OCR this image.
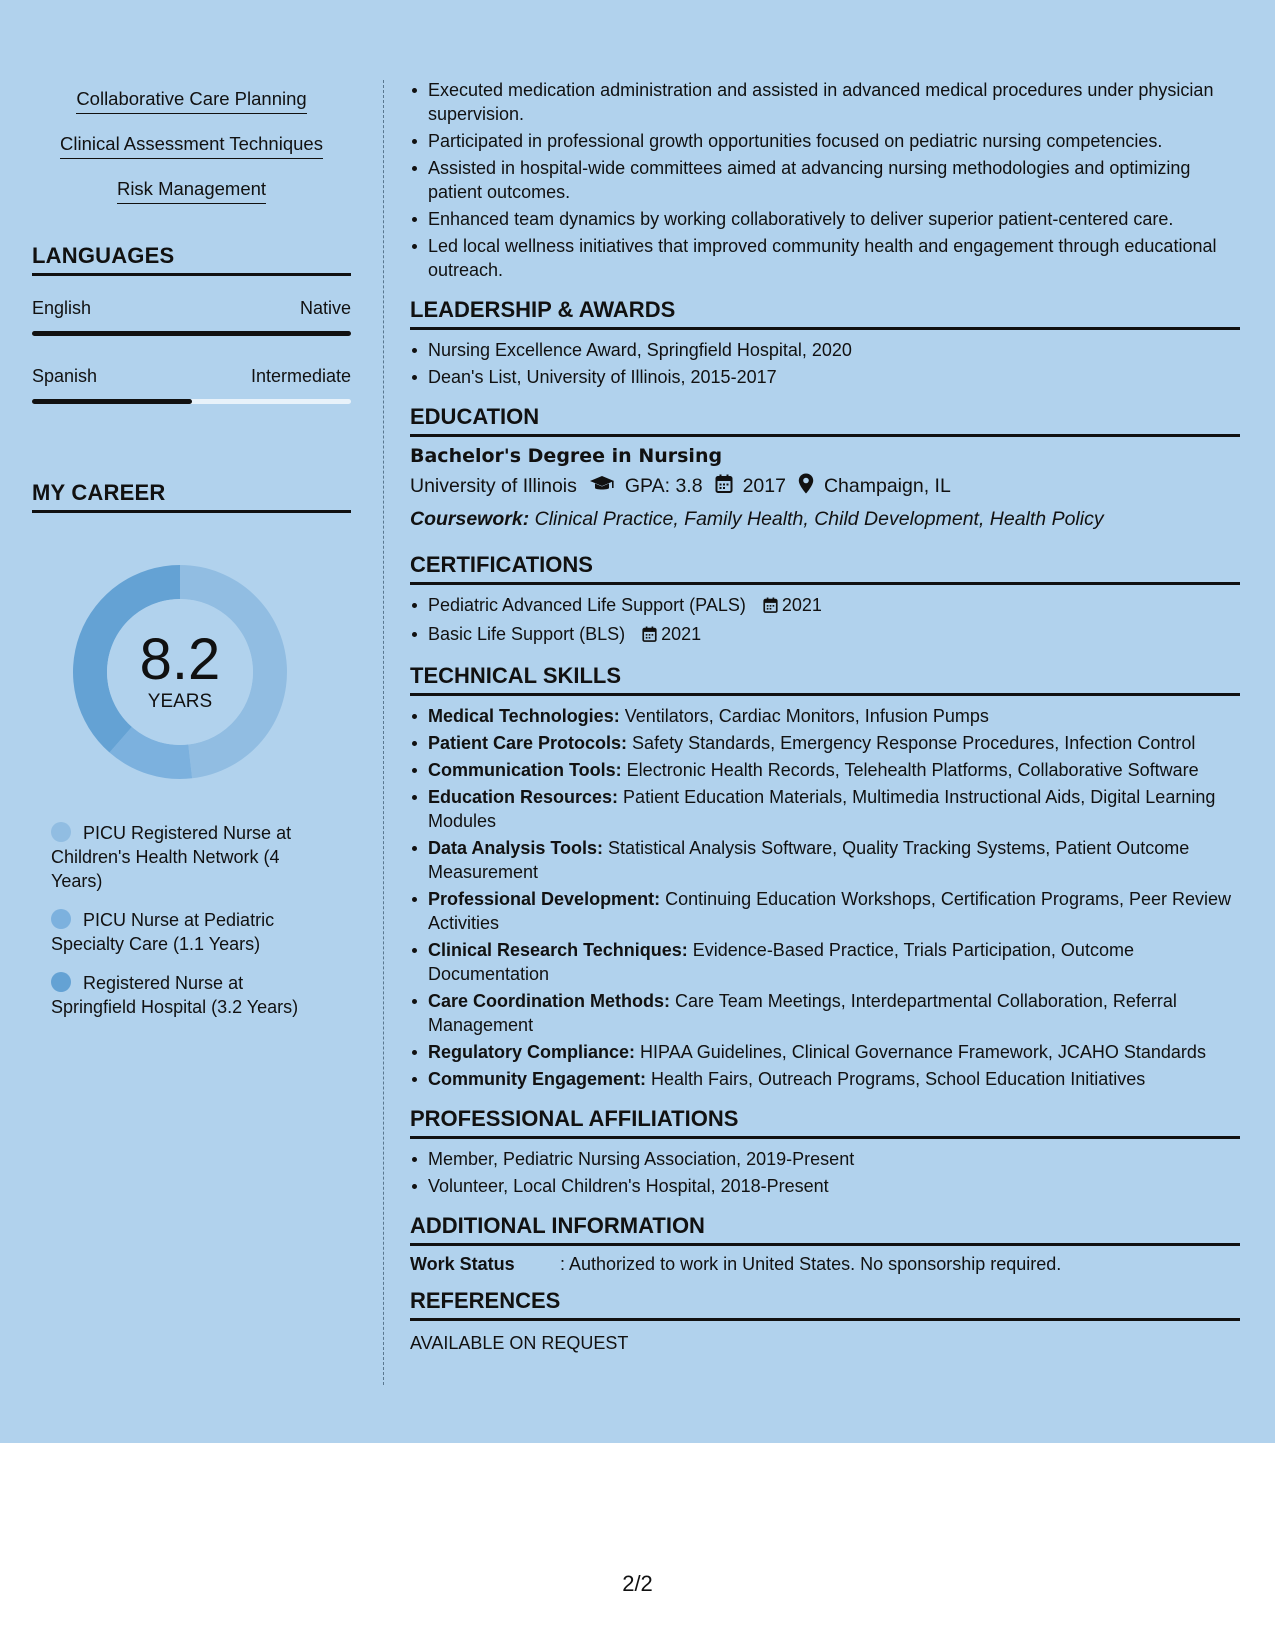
Collaborative Care Planning
Clinical Assessment Techniques
Risk Management
LANGUAGES
English	Native
Spanish	Intermediate
MY CAREER
8.2
YEARS
PICU Registered Nurse at Children's Health Network (4 Years)
PICU Nurse at Pediatric Specialty Care (1.1 Years)
Registered Nurse at Springfield Hospital (3.2 Years)
Executed medication administration and assisted in advanced medical procedures under physician supervision.
Participated in professional growth opportunities focused on pediatric nursing competencies.
Assisted in hospital-wide committees aimed at advancing nursing methodologies and optimizing patient outcomes.
Enhanced team dynamics by working collaboratively to deliver superior patient-centered care.
Led local wellness initiatives that improved community health and engagement through educational outreach.
LEADERSHIP & AWARDS
Nursing Excellence Award, Springfield Hospital, 2020
Dean's List, University of Illinois, 2015-2017
EDUCATION
Bachelor's Degree in Nursing
University of Illinois GPA: 3.8 2017 Champaign, IL
Coursework: Clinical Practice, Family Health, Child Development, Health Policy
CERTIFICATIONS
Pediatric Advanced Life Support (PALS) 2021
Basic Life Support (BLS) 2021
TECHNICAL SKILLS
Medical Technologies: Ventilators, Cardiac Monitors, Infusion Pumps
Patient Care Protocols: Safety Standards, Emergency Response Procedures, Infection Control
Communication Tools: Electronic Health Records, Telehealth Platforms, Collaborative Software
Education Resources: Patient Education Materials, Multimedia Instructional Aids, Digital Learning Modules
Data Analysis Tools: Statistical Analysis Software, Quality Tracking Systems, Patient Outcome Measurement
Professional Development: Continuing Education Workshops, Certification Programs, Peer Review Activities
Clinical Research Techniques: Evidence-Based Practice, Trials Participation, Outcome Documentation
Care Coordination Methods: Care Team Meetings, Interdepartmental Collaboration, Referral Management
Regulatory Compliance: HIPAA Guidelines, Clinical Governance Framework, JCAHO Standards
Community Engagement: Health Fairs, Outreach Programs, School Education Initiatives
PROFESSIONAL AFFILIATIONS
Member, Pediatric Nursing Association, 2019-Present
Volunteer, Local Children's Hospital, 2018-Present
ADDITIONAL INFORMATION
Work Status	: Authorized to work in United States. No sponsorship required.
REFERENCES
AVAILABLE ON REQUEST
2/2
